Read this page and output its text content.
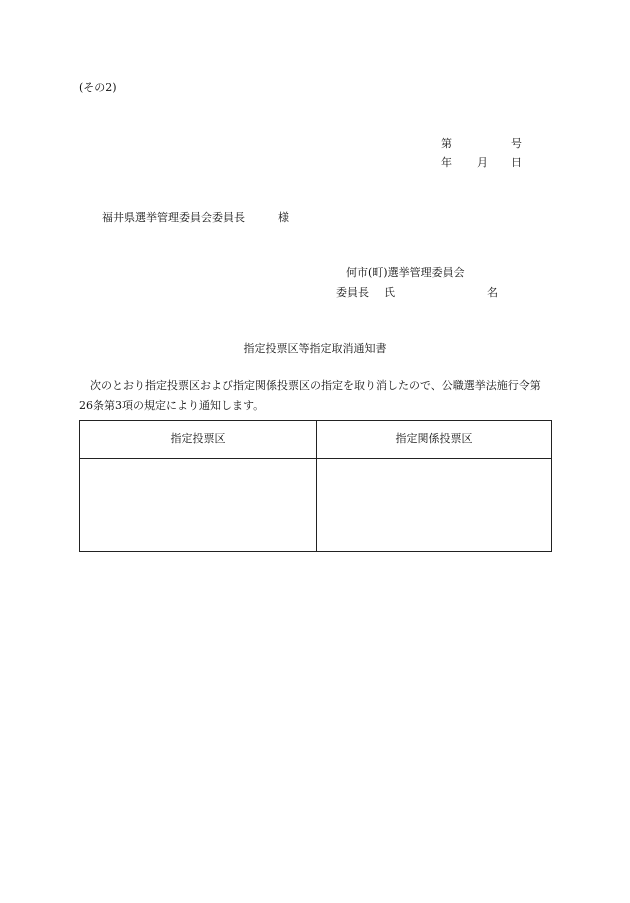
(その2)
第	号
年 月 日
福井県選挙管理委員会委員長	様
何市(町)選挙管理委員会
委員長 氏	名
指定投票区等指定取消通知書
次のとおり指定投票区および指定関係投票区の指定を取り消したので、公職選挙法施行令第26条第3項の規定により通知します。
指定投票区	指定関係投票区
